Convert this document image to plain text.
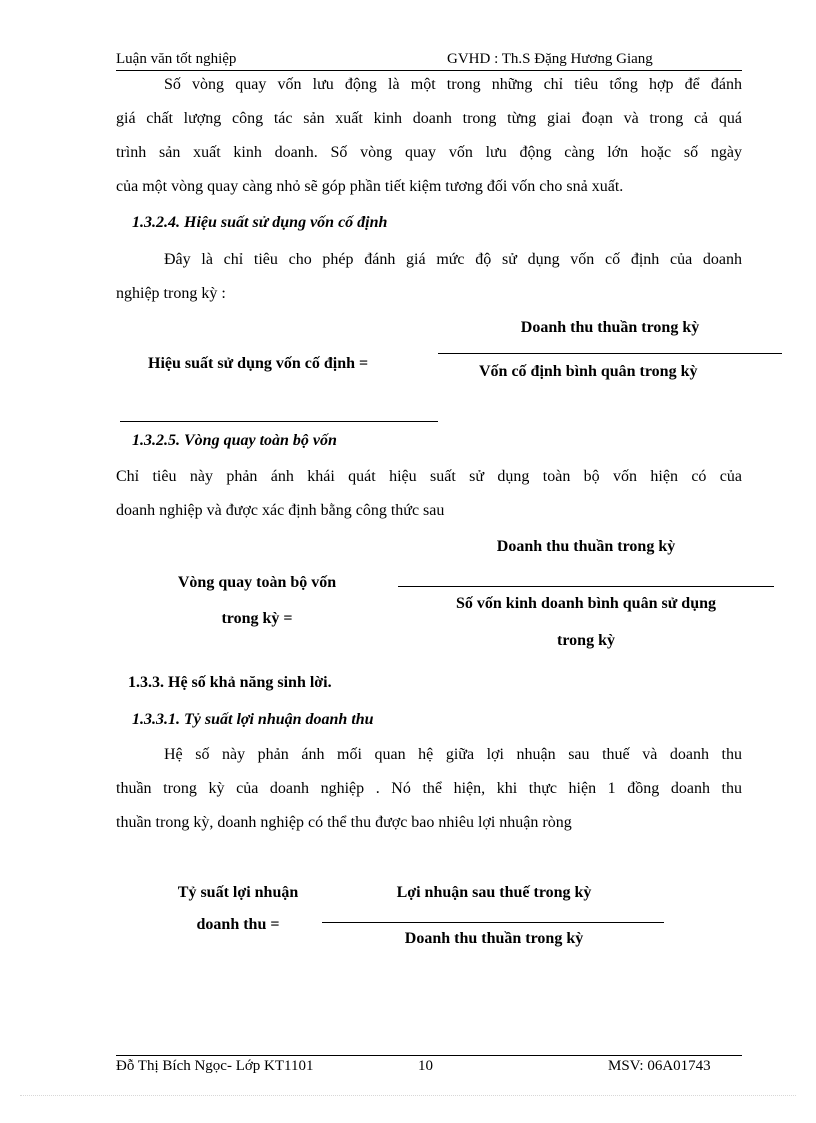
Luận văn tốt nghiệp	GVHD : Th.S Đặng Hương Giang
Số vòng quay vốn lưu động là một trong những chỉ tiêu tổng hợp để đánh
giá chất lượng công tác sản xuất kinh doanh trong từng giai đoạn và trong cả quá
trình sản xuất kinh doanh. Số vòng quay vốn lưu động càng lớn hoặc số ngày
của một vòng quay càng nhỏ sẽ góp phần tiết kiệm tương đối vốn cho snả xuất.
1.3.2.4. Hiệu suất sử dụng vốn cố định
Đây là chỉ tiêu cho phép đánh giá mức độ sử dụng vốn cố định của doanh
nghiệp trong kỳ :
Doanh thu thuần trong kỳ
Hiệu suất sử dụng vốn cố định =	Vốn cố định bình quân trong kỳ
1.3.2.5. Vòng quay toàn bộ vốn
Chỉ tiêu này phản ánh khái quát hiệu suất sử dụng toàn bộ vốn hiện có của
doanh nghiệp và được xác định bằng công thức sau
Doanh thu thuần trong kỳ
Vòng quay toàn bộ vốn
Số vốn kinh doanh bình quân sử dụng
trong kỳ =
trong kỳ
1.3.3. Hệ số khả năng sinh lời.
1.3.3.1. Tỷ suất lợi nhuận doanh thu
Hệ số này phản ánh mối quan hệ giữa lợi nhuận sau thuế và doanh thu
thuần trong kỳ của doanh nghiệp . Nó thể hiện, khi thực hiện 1 đồng doanh thu
thuần trong kỳ, doanh nghiệp có thể thu được bao nhiêu lợi nhuận ròng
Tỷ suất lợi nhuận	Lợi nhuận sau thuế trong kỳ
doanh thu =
Doanh thu thuần trong kỳ
Đỗ Thị Bích Ngọc- Lớp KT1101	10	MSV: 06A01743
